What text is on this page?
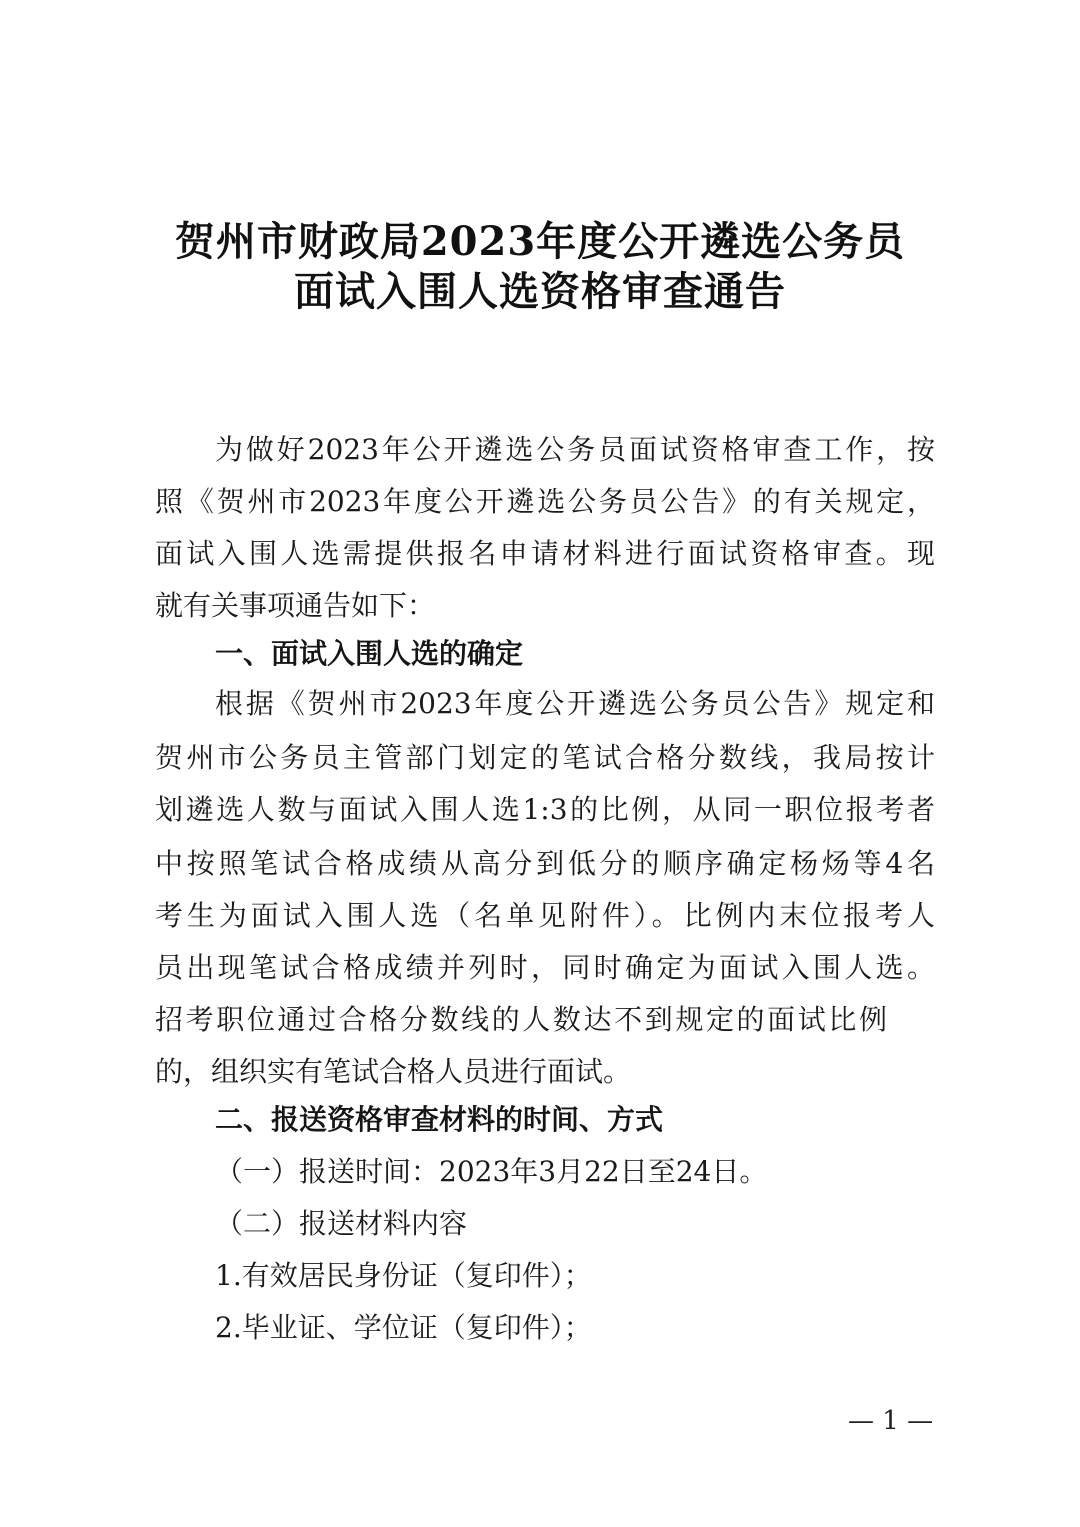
贺州市财政局2023年度公开遴选公务员
面试入围人选资格审查通告
为做好2023年公开遴选公务员面试资格审查工作，按
照《贺州市2023年度公开遴选公务员公告》的有关规定，
面试入围人选需提供报名申请材料进行面试资格审查。现
就有关事项通告如下：
一、面试入围人选的确定
根据《贺州市2023年度公开遴选公务员公告》规定和
贺州市公务员主管部门划定的笔试合格分数线，我局按计
划遴选人数与面试入围人选1:3的比例，从同一职位报考者
中按照笔试合格成绩从高分到低分的顺序确定杨炀等4名
考生为面试入围人选（名单见附件）。比例内末位报考人
员出现笔试合格成绩并列时，同时确定为面试入围人选。
招考职位通过合格分数线的人数达不到规定的面试比例
的，组织实有笔试合格人员进行面试。
二、报送资格审查材料的时间、方式
（一）报送时间：2023年3月22日至24日。
（二）报送材料内容
1.有效居民身份证（复印件）；
2.毕业证、学位证（复印件）；
— 1 —
